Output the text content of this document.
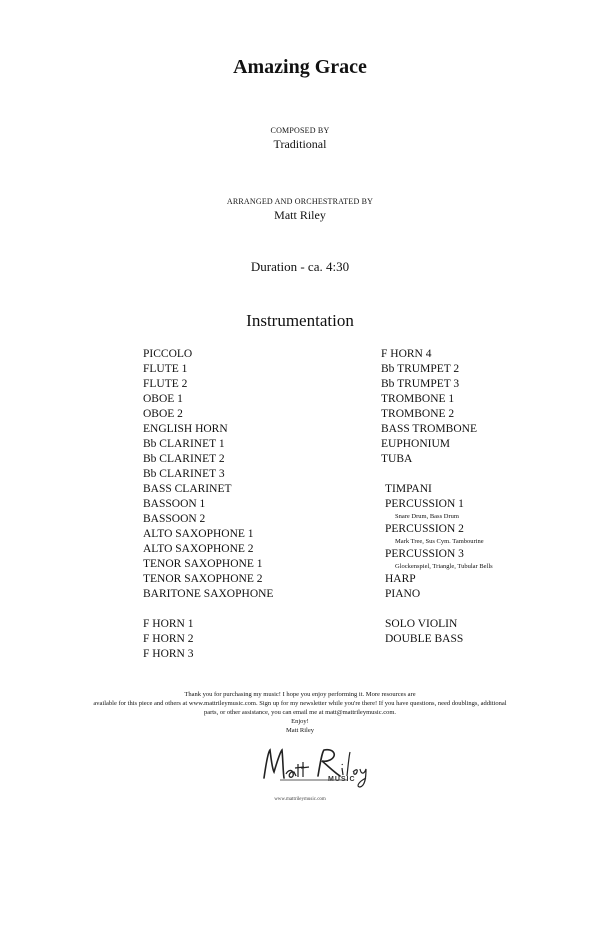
Amazing Grace
COMPOSED BY
Traditional
ARRANGED AND ORCHESTRATED BY
Matt Riley
Duration - ca. 4:30
Instrumentation
PICCOLO
FLUTE 1
FLUTE 2
OBOE 1
OBOE 2
ENGLISH HORN
Bb CLARINET 1
Bb CLARINET 2
Bb CLARINET 3
BASS CLARINET
BASSOON 1
BASSOON 2
ALTO SAXOPHONE 1
ALTO SAXOPHONE 2
TENOR SAXOPHONE 1
TENOR SAXOPHONE 2
BARITONE SAXOPHONE
F HORN 1
F HORN 2
F HORN 3
F HORN 4
Bb TRUMPET 2
Bb TRUMPET 3
TROMBONE 1
TROMBONE 2
BASS TROMBONE
EUPHONIUM
TUBA
TIMPANI
PERCUSSION 1
Snare Drum, Bass Drum
PERCUSSION 2
Mark Tree, Sus Cym. Tambourine
PERCUSSION 3
Glockenspiel, Triangle, Tubular Bells
HARP
PIANO
SOLO VIOLIN
DOUBLE BASS
Thank you for purchasing my music! I hope you enjoy performing it. More resources are
available for this piece and others at www.mattrileymusic.com. Sign up for my newsletter while you're there! If you have questions, need doublings, additional
parts, or other assistance, you can email me at matt@mattrileymusic.com.
Enjoy!
Matt Riley
MUSIC
www.mattrileymusic.com
